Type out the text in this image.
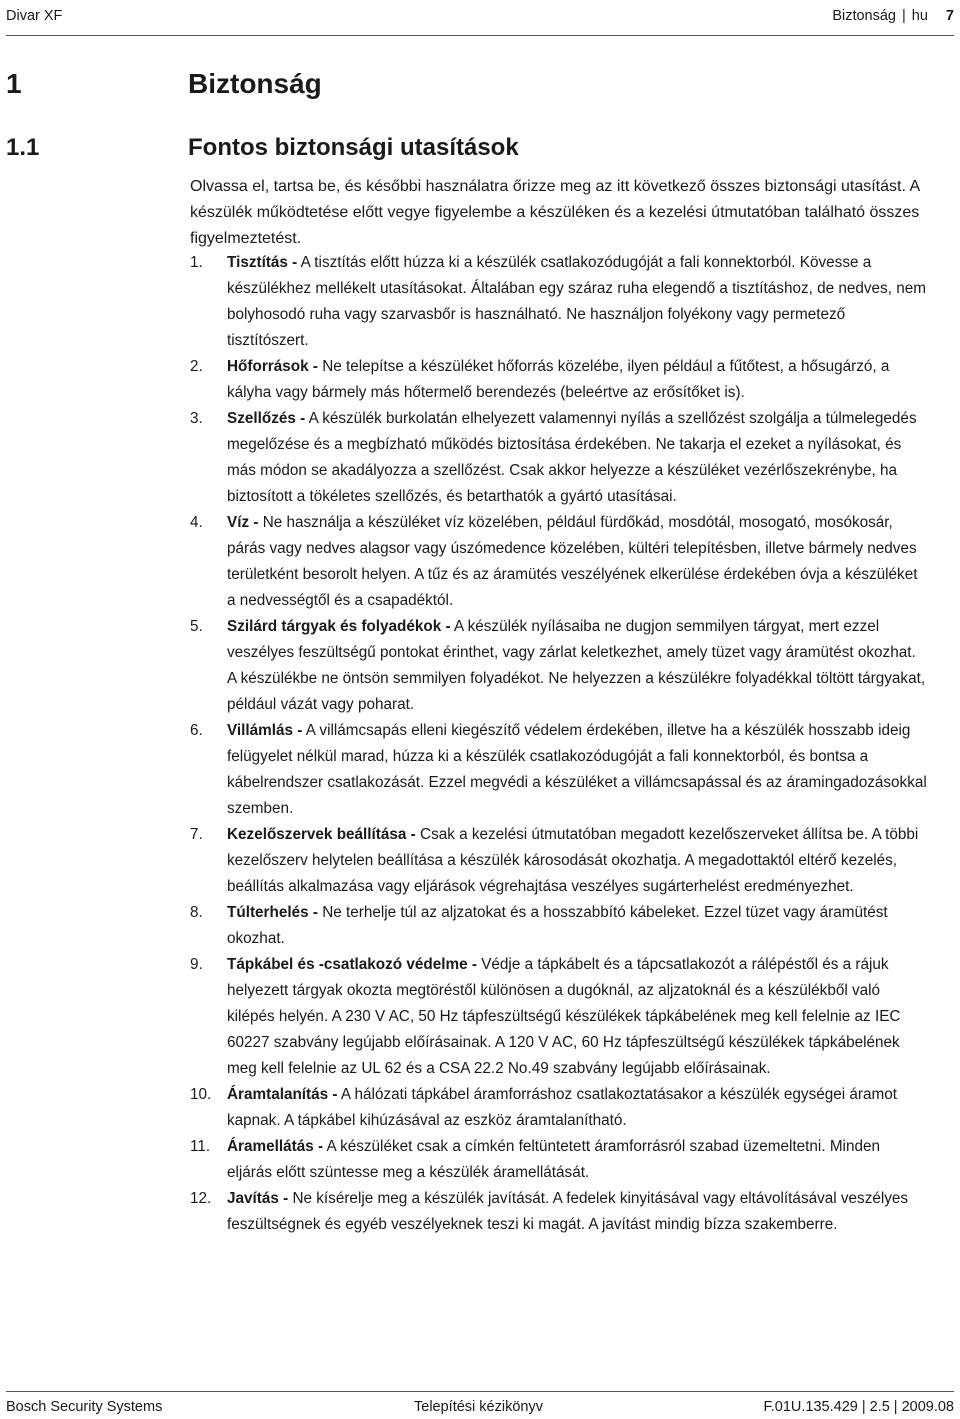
Divar XF	Biztonság | hu 7
1	Biztonság
1.1	Fontos biztonsági utasítások

Olvassa el, tartsa be, és későbbi használatra őrizze meg az itt következő összes biztonsági utasítást. A készülék működtetése előtt vegye figyelembe a készüléken és a kezelési útmutatóban található összes figyelmeztetést.

1. Tisztítás - A tisztítás előtt húzza ki a készülék csatlakozódugóját a fali konnektorból. Kövesse a készülékhez mellékelt utasításokat. Általában egy száraz ruha elegendő a tisztításhoz, de nedves, nem bolyhosodó ruha vagy szarvasbőr is használható. Ne használjon folyékony vagy permetező tisztítószert.
2. Hőforrások - Ne telepítse a készüléket hőforrás közelébe, ilyen például a fűtőtest, a hősugárzó, a kályha vagy bármely más hőtermelő berendezés (beleértve az erősítőket is).
3. Szellőzés - A készülék burkolatán elhelyezett valamennyi nyílás a szellőzést szolgálja a túlmelegedés megelőzése és a megbízható működés biztosítása érdekében. Ne takarja el ezeket a nyílásokat, és más módon se akadályozza a szellőzést. Csak akkor helyezze a készüléket vezérlőszekrénybe, ha biztosított a tökéletes szellőzés, és betarthatók a gyártó utasításai.
4. Víz - Ne használja a készüléket víz közelében, például fürdőkád, mosdótál, mosogató, mosókosár, párás vagy nedves alagsor vagy úszómedence közelében, kültéri telepítésben, illetve bármely nedves területként besorolt helyen. A tűz és az áramütés veszélyének elkerülése érdekében óvja a készüléket a nedvességtől és a csapadéktól.
5. Szilárd tárgyak és folyadékok - A készülék nyílásaiba ne dugjon semmilyen tárgyat, mert ezzel veszélyes feszültségű pontokat érinthet, vagy zárlat keletkezhet, amely tüzet vagy áramütést okozhat. A készülékbe ne öntsön semmilyen folyadékot. Ne helyezzen a készülékre folyadékkal töltött tárgyakat, például vázát vagy poharat.
6. Villámlás - A villámcsapás elleni kiegészítő védelem érdekében, illetve ha a készülék hosszabb ideig felügyelet nélkül marad, húzza ki a készülék csatlakozódugóját a fali konnektorból, és bontsa a kábelrendszer csatlakozását. Ezzel megvédi a készüléket a villámcsapással és az áramingadozásokkal szemben.
7. Kezelőszervek beállítása - Csak a kezelési útmutatóban megadott kezelőszerveket állítsa be. A többi kezelőszerv helytelen beállítása a készülék károsodását okozhatja. A megadottaktól eltérő kezelés, beállítás alkalmazása vagy eljárások végrehajtása veszélyes sugárterhelést eredményezhet.
8. Túlterhelés - Ne terhelje túl az aljzatokat és a hosszabbító kábeleket. Ezzel tüzet vagy áramütést okozhat.
9. Tápkábel és -csatlakozó védelme - Védje a tápkábelt és a tápcsatlakozót a rálépéstől és a rájuk helyezett tárgyak okozta megtöréstől különösen a dugóknál, az aljzatoknál és a készülékből való kilépés helyén. A 230 V AC, 50 Hz tápfeszültségű készülékek tápkábelének meg kell felelnie az IEC 60227 szabvány legújabb előírásainak. A 120 V AC, 60 Hz tápfeszültségű készülékek tápkábelének meg kell felelnie az UL 62 és a CSA 22.2 No.49 szabvány legújabb előírásainak.
10. Áramtalanítás - A hálózati tápkábel áramforráshoz csatlakoztatásakor a készülék egységei áramot kapnak. A tápkábel kihúzásával az eszköz áramtalanítható.
11. Áramellátás - A készüléket csak a címkén feltüntetett áramforrásról szabad üzemeltetni. Minden eljárás előtt szüntesse meg a készülék áramellátását.
12. Javítás - Ne kísérelje meg a készülék javítását. A fedelek kinyitásával vagy eltávolításával veszélyes feszültségnek és egyéb veszélyeknek teszi ki magát. A javítást mindig bízza szakemberre.
Bosch Security Systems	Telepítési kézikönyv	F.01U.135.429 | 2.5 | 2009.08
